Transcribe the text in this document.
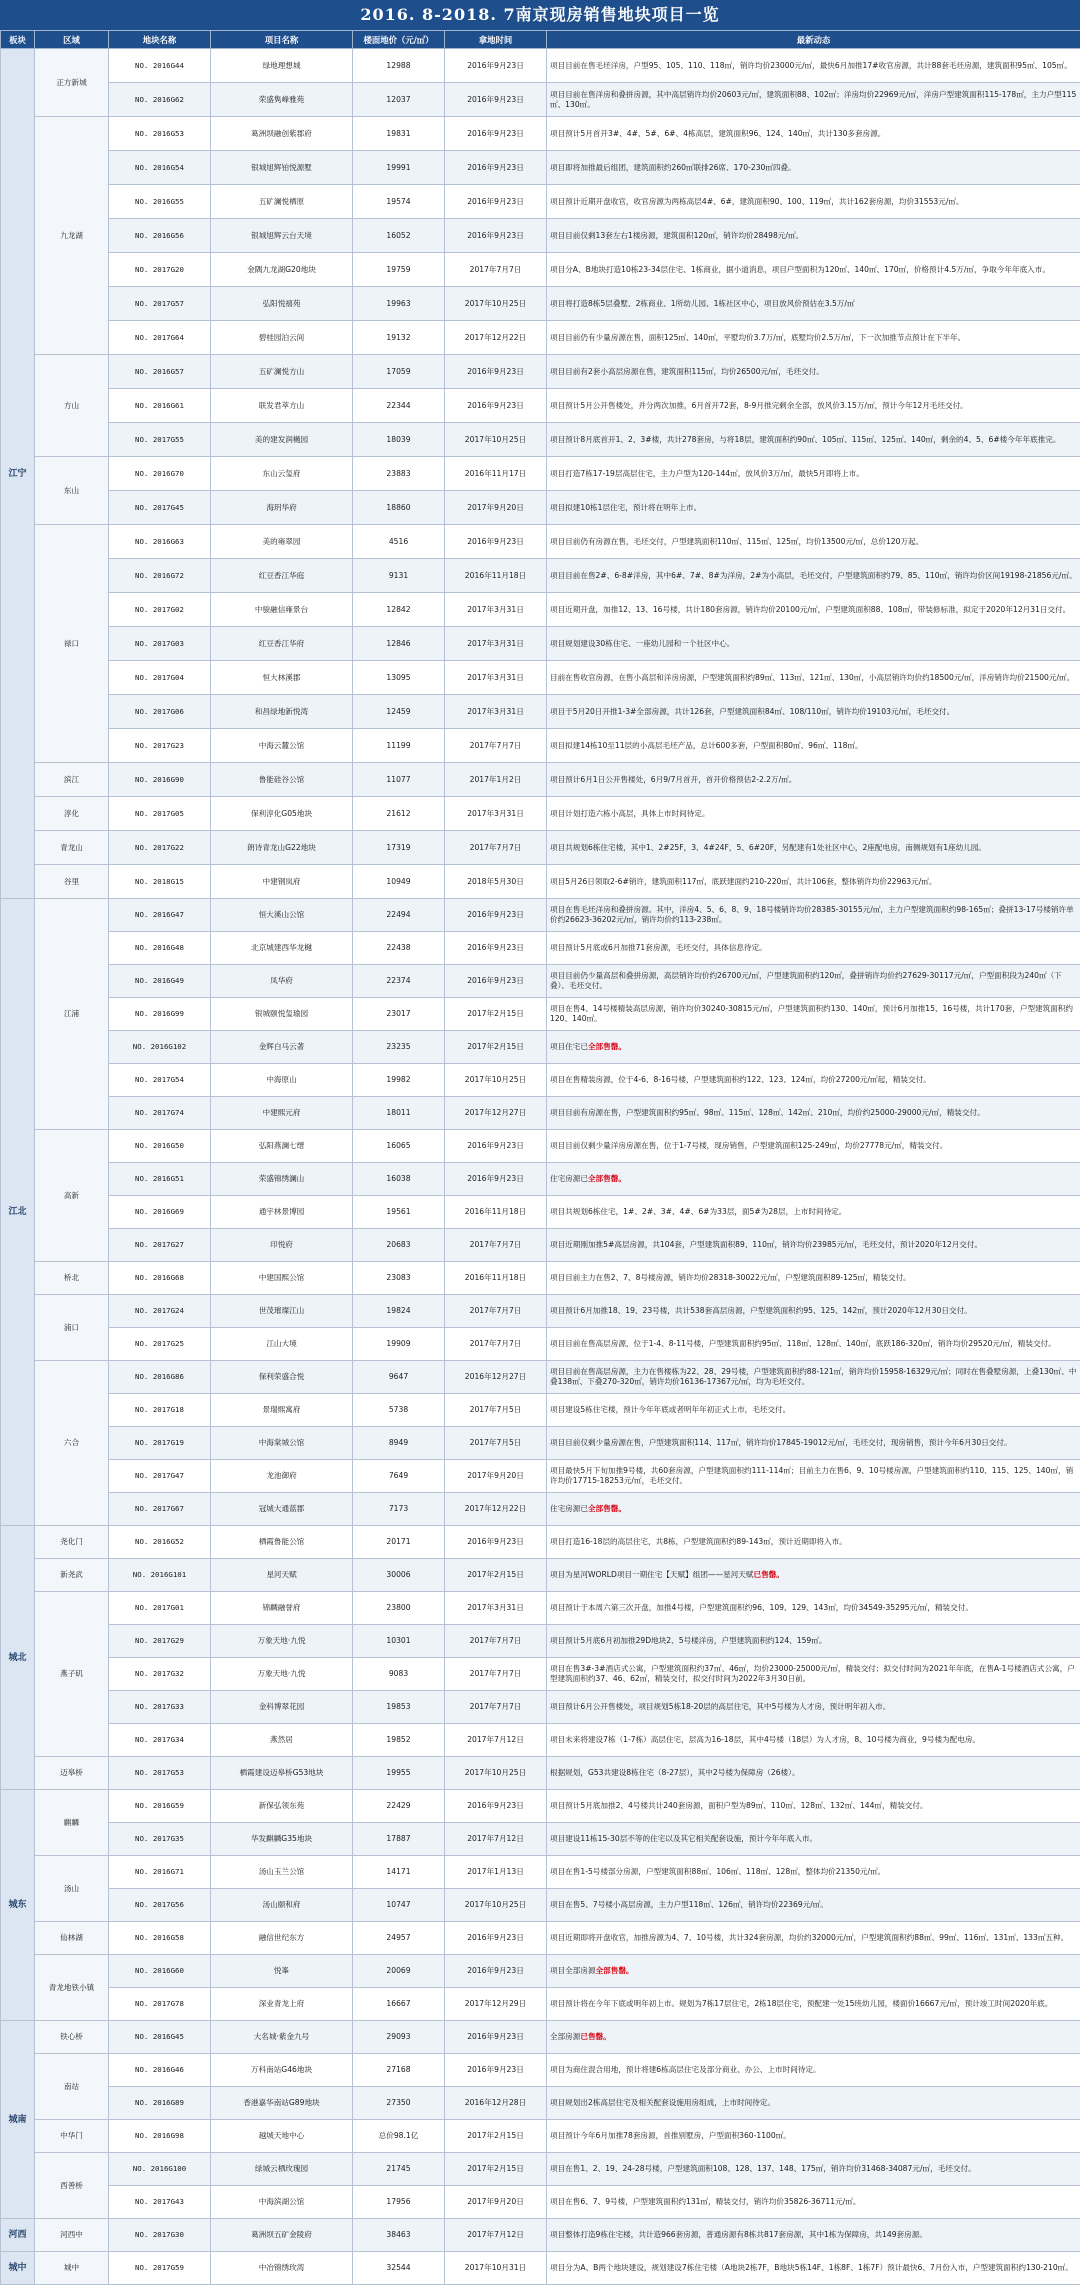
2016. 8-2018. 7南京现房销售地块项目一览
板块	区域	地块名称	项目名称	楼面地价（元/㎡）	拿地时间	最新动态
江宁	正方新城	NO. 2016G44	绿地理想城	12988	2016年9月23日	项目目前在售毛坯洋房，户型95、105、110、118㎡，销许均价23000元/㎡，最快6月加推17#收官房源，共计88套毛坯房源，建筑面积95㎡、105㎡。
		NO. 2016G62	荣盛隽峰雅苑	12037	2016年9月23日	项目目前在售洋房和叠拼房源，其中高层销许均价20603元/㎡，建筑面积88、102㎡；洋房均价22969元/㎡，洋房户型建筑面积115-178㎡，主力户型115㎡、130㎡。
	九龙湖	NO. 2016G53	葛洲坝融创紫郡府	19831	2016年9月23日	项目预计5月首开3#、4#、5#、6#、4栋高层，建筑面积96、124、140㎡，共计130多套房源。
		NO. 2016G54	银城旭辉铂悦源墅	19991	2016年9月23日	项目即将加推最后组团，建筑面积约260㎡联排26席、170-230㎡四叠。
		NO. 2016G55	五矿澜悦栖原	19574	2016年9月23日	项目预计近期开盘收官，收官房源为两栋高层4#、6#，建筑面积90、100、119㎡，共计162套房源，均价31553元/㎡。
		NO. 2016G56	银城旭辉云台天境	16052	2016年9月23日	项目目前仅剩13套左右1楼房源，建筑面积120㎡，销许均价28498元/㎡。
		NO. 2017G20	金隅九龙湖G20地块	19759	2017年7月7日	项目分A、B地块打造10栋23-34层住宅、1栋商业，据小道消息，项目户型面积为120㎡、140㎡、170㎡，价格预计4.5万/㎡，争取今年年底入市。
		NO. 2017G57	弘阳悦禧苑	19963	2017年10月25日	项目将打造8栋5层叠墅、2栋商业、1所幼儿园、1栋社区中心，项目放风价预估在3.5万/㎡
		NO. 2017G64	碧桂园泊云间	19132	2017年12月22日	项目目前仍有少量房源在售，面积125㎡、140㎡，平墅均价3.7万/㎡，底墅均价2.5万/㎡，下一次加推节点预计在下半年。
	方山	NO. 2016G57	五矿澜悦方山	17059	2016年9月23日	项目目前有2套小高层房源在售，建筑面积115㎡，均价26500元/㎡，毛坯交付。
		NO. 2016G61	联发君萃方山	22344	2016年9月23日	项目预计5月公开售楼处，并分两次加推，6月首开72套，8-9月推完剩余全部，放风价3.15万/㎡，预计今年12月毛坯交付。
		NO. 2017G55	美的建发润樾园	18039	2017年10月25日	项目预计8月底首开1、2、3#楼，共计278套房，与将18层，建筑面积约90㎡、105㎡、115㎡、125㎡、140㎡，剩余的4、5、6#楼今年年底推完。
	东山	NO. 2016G70	东山云玺府	23883	2016年11月17日	项目打造7栋17-19层高层住宅，主力户型为120-144㎡，放风价3万/㎡，最快5月即将上市。
		NO. 2017G45	海玥华府	18860	2017年9月20日	项目拟建10栋1层住宅，预计将在明年上市。
	禄口	NO. 2016G63	美的雍翠园	4516	2016年9月23日	项目目前仍有房源在售，毛坯交付，户型建筑面积110㎡、115㎡、125㎡，均价13500元/㎡，总价120万起。
		NO. 2016G72	红豆香江华庭	9131	2016年11月18日	项目目前在售2#、6-8#洋房，其中6#、7#、8#为洋房，2#为小高层，毛坯交付，户型建筑面积约79、85、110㎡，销许均价区间19198-21856元/㎡。
		NO. 2017G02	中骏融信雍景台	12842	2017年3月31日	项目近期开盘，加推12、13、16号楼，共计180套房源，销许均价20100元/㎡，户型建筑面积88、108㎡，带装修标准，拟定于2020年12月31日交付。
		NO. 2017G03	红豆香江华府	12846	2017年3月31日	项目规划建设30栋住宅、一座幼儿园和一个社区中心。
		NO. 2017G04	恒大林溪郡	13095	2017年3月31日	目前在售收官房源，在售小高层和洋房房源，户型建筑面积约89㎡、113㎡、121㎡、130㎡，小高层销许均价约18500元/㎡，洋房销许均价21500元/㎡。
		NO. 2017G06	和昌绿地新悦湾	12459	2017年3月31日	项目于5月20日开推1-3#全部房源，共计126套，户型建筑面积84㎡、108/110㎡，销许均价19103元/㎡，毛坯交付。
		NO. 2017G23	中海云麓公馆	11199	2017年7月7日	项目拟建14栋10至11层的小高层毛坯产品，总计600多套，户型面积80㎡、96㎡、118㎡。
	滨江	NO. 2016G90	鲁能硅谷公馆	11077	2017年1月2日	项目预计6月1日公开售楼处，6月9/7月首开，首开价格预估2-2.2万/㎡。
	淳化	NO. 2017G05	保利淳化G05地块	21612	2017年3月31日	项目计划打造六栋小高层，具体上市时间待定。
	青龙山	NO. 2017G22	朗诗青龙山G22地块	17319	2017年7月7日	项目共规划6栋住宅楼，其中1、2#25F，3、4#24F，5、6#20F，另配建有1处社区中心，2座配电房，南侧规划有1座幼儿园。
	谷里	NO. 2018G15	中建钢岚府	10949	2018年5月30日	项目5月26日领取2-6#销许，建筑面积117㎡，底跃建面约210-220㎡，共计106套，整体销许均价22963元/㎡。
江北	江浦	NO. 2016G47	恒大溪山公馆	22494	2016年9月23日	项目在售毛坯洋房和叠拼房源。其中，洋房4、5、6、8、9、18号楼销许均价28385-30155元/㎡，主力户型建筑面积约98-165㎡；叠拼13-17号楼销许单价约26623-36202元/㎡，销许均价约113-238㎡。
		NO. 2016G48	北京城建西华龙樾	22438	2016年9月23日	项目预计5月底或6月加推71套房源，毛坯交付，具体信息待定。
		NO. 2016G49	凤华府	22374	2016年9月23日	项目目前仍少量高层和叠拼房源，高层销许均价约26700元/㎡，户型建筑面积约120㎡，叠拼销许均价约27629-30117元/㎡，户型面积段为240㎡（下叠）、毛坯交付。
		NO. 2016G99	银城颐悦玺瑜园	23017	2017年2月15日	项目在售4、14号楼精装高层房源，销许均价30240-30815元/㎡，户型建筑面积约130、140㎡，预计6月加推15、16号楼，共计170套，户型建筑面积约120、140㎡。
		NO. 2016G102	金辉白马云著	23235	2017年2月15日	项目住宅已全部售罄。
		NO. 2017G54	中海原山	19982	2017年10月25日	项目在售精装房源，位于4-6、8-16号楼，户型建筑面积约122、123、124㎡，均价27200元/㎡起，精装交付。
		NO. 2017G74	中建熙元府	18011	2017年12月27日	项目目前有房源在售，户型建筑面积约95㎡、98㎡、115㎡、128㎡、142㎡、210㎡，均价约25000-29000元/㎡，精装交付。
	高新	NO. 2016G50	弘阳燕澜七缙	16065	2016年9月23日	项目目前仅剩少量洋房房源在售，位于1-7号楼，现房销售，户型建筑面积125-249㎡，均价27778元/㎡，精装交付。
		NO. 2016G51	荣盛锦绣澜山	16038	2016年9月23日	住宅房源已全部售罄。
		NO. 2016G69	通宇林景博园	19561	2016年11月18日	项目共规划6栋住宅，1#、2#、3#、4#、6#为33层，面5#为28层，上市时间待定。
		NO. 2017G27	印悦府	20683	2017年7月7日	项目近期刚加推5#高层房源，共104套，户型建筑面积89、110㎡，销许均价23985元/㎡，毛坯交付，预计2020年12月交付。
	桥北	NO. 2016G68	中建国熙公馆	23083	2016年11月18日	项目目前主力在售2、7、8号楼房源，销许均价28318-30022元/㎡，户型建筑面积89-125㎡，精装交付。
	浦口	NO. 2017G24	世茂璀璨江山	19824	2017年7月7日	项目预计6月加推18、19、23号楼，共计538套高层房源，户型建筑面积约95、125、142㎡，预计2020年12月30日交付。
		NO. 2017G25	江山大境	19909	2017年7月7日	项目目前在售高层房源，位于1-4、8-11号楼，户型建筑面积约95㎡、118㎡、128㎡、140㎡，底跃186-320㎡，销许均价29520元/㎡，精装交付。
	六合	NO. 2016G86	保利荣盛合悦	9647	2016年12月27日	项目目前在售高层房源，主力在售楼栋为22、28、29号楼，户型建筑面积约88-121㎡，销许均价15958-16329元/㎡；同时在售叠墅房源，上叠130㎡、中叠138㎡、下叠270-320㎡，销许均价16136-17367元/㎡，均为毛坯交付。
		NO. 2017G18	景瑞熙寓府	5738	2017年7月5日	项目建设5栋住宅楼，预计今年年底或者明年年初正式上市，毛坯交付。
		NO. 2017G19	中海棠城公馆	8949	2017年7月5日	项目目前仅剩少量房源在售，户型建筑面积114、117㎡，销许均价17845-19012元/㎡，毛坯交付，现房销售，预计今年6月30日交付。
		NO. 2017G47	龙池御府	7649	2017年9月20日	项目最快5月下旬加推9号楼，共60套房源，户型建筑面积约111-114㎡；目前主力在售6、9、10号楼房源，户型建筑面积约110、115、125、140㎡，销许均价17715-18253元/㎡，毛坯交付。
		NO. 2017G67	冠城大通蓝郡	7173	2017年12月22日	住宅房源已全部售罄。
城北	尧化门	NO. 2016G52	栖霞鲁能公馆	20171	2016年9月23日	项目打造16-18层的高层住宅，共8栋，户型建筑面积约89-143㎡，预计近期即将入市。
	新尧武	NO. 2016G101	星河天赋	30006	2017年2月15日	项目为星河WORLD项目一期住宅【天赋】组团——星河天赋已售罄。
	燕子矶	NO. 2017G01	锦麟融誉府	23800	2017年3月31日	项目预计于本周六第三次开盘，加推4号楼，户型建筑面积约96、109、129、143㎡，均价34549-35295元/㎡，精装交付。
		NO. 2017G29	万象天地·九悦	10301	2017年7月7日	项目预计5月底6月初加推29D地块2、5号楼洋房，户型建筑面积约124、159㎡。
		NO. 2017G32	万象天地·九悦	9083	2017年7月7日	项目在售3#-3#酒店式公寓，户型建筑面积约37㎡、46㎡，均价23000-25000元/㎡，精装交付；拟交付时间为2021年年底，在售A-1号楼酒店式公寓，户型建筑面积约37、46、62㎡，精装交付，拟交付时间为2022年3月30日前。
		NO. 2017G33	金科博翠花园	19853	2017年7月7日	项目预计6月公开售楼处，项目规划5栋18-20层的高层住宅，其中5号楼为人才房，预计明年初入市。
		NO. 2017G34	燕然居	19852	2017年7月12日	项目未来将建设7栋（1-7栋）高层住宅，层高为16-18层，其中4号楼（18层）为人才房，8、10号楼为商业，9号楼为配电房。
	迈皋桥	NO. 2017G53	栖霞建设迈皋桥G53地块	19955	2017年10月25日	根据规划，G53共建设8栋住宅（8-27层），其中2号楼为保障房（26楼）。
城东	麒麟	NO. 2016G59	新保弘领东苑	22429	2016年9月23日	项目预计5月底加推2、4号楼共计240套房源，面积户型为89㎡、110㎡、128㎡、132㎡、144㎡，精装交付。
		NO. 2017G35	华发麒麟G35地块	17887	2017年7月12日	项目建设11栋15-30层不等的住宅以及其它相关配套设施，预计今年年底入市。
	汤山	NO. 2016G71	汤山玉兰公馆	14171	2017年1月13日	项目在售1-5号楼部分房源，户型建筑面积88㎡、106㎡、118㎡、128㎡，整体均价21350元/㎡。
		NO. 2017G56	汤山颐和府	10747	2017年10月25日	项目在售5、7号楼小高层房源，主力户型118㎡、126㎡，销许均价22369元/㎡。
	仙林湖	NO. 2016G58	融信世纪东方	24957	2016年9月23日	项目近期即将开盘收官，加推房源为4、7、10号楼，共计324套房源，均价约32000元/㎡，户型建筑面积约88㎡、99㎡、116㎡、131㎡、133㎡五种。
	青龙地铁小镇	NO. 2016G60	悦峯	20069	2016年9月23日	项目全部房源全部售罄。
		NO. 2017G78	深业青龙上府	16667	2017年12月29日	项目预计将在今年下底或明年初上市。规划为7栋17层住宅，2栋18层住宅，预配建一处15班幼儿园，楼面价16667元/㎡，预计竣工时间2020年底。
城南	铁心桥	NO. 2016G45	大名城·紫金九号	29093	2016年9月23日	全部房源已售罄。
	南站	NO. 2016G46	万科南站G46地块	27168	2016年9月23日	项目为商住混合用地，预计将建6栋高层住宅及部分商业、办公、上市时间待定。
		NO. 2016G89	香港嘉华南站G89地块	27350	2016年12月28日	项目规划出2栋高层住宅及相关配套设施用房组成，上市时间待定。
	中华门	NO. 2016G98	越城天地中心	总价98.1亿	2017年2月15日	项目预计今年6月加推78套房源，首推别墅房，户型面积360-1100㎡。
	西善桥	NO. 2016G100	绿城云栖玫瑰园	21745	2017年2月15日	项目在售1、2、19、24-28号楼，户型建筑面积108、128、137、148、175㎡，销许均价31468-34087元/㎡，毛坯交付。
		NO. 2017G43	中海滨湖公馆	17956	2017年9月20日	项目在售6、7、9号楼，户型建筑面积约131㎡，精装交付，销许均价35826-36711元/㎡。
河西	河西中	NO. 2017G30	葛洲坝五矿金陵府	38463	2017年7月12日	项目整体打造9栋住宅楼，共计造966套房源，普通房源有8栋共817套房源，其中1栋为保障房，共149套房源。
城中	城中	NO. 2017G59	中冶锦绣玫湾	32544	2017年10月31日	项目分为A、B两个地块建设，规划建设7栋住宅楼（A地块2栋7F，B地块5栋14F、1栋8F、1栋7F）预计最快6、7月份入市，户型建筑面积约130-210㎡。
